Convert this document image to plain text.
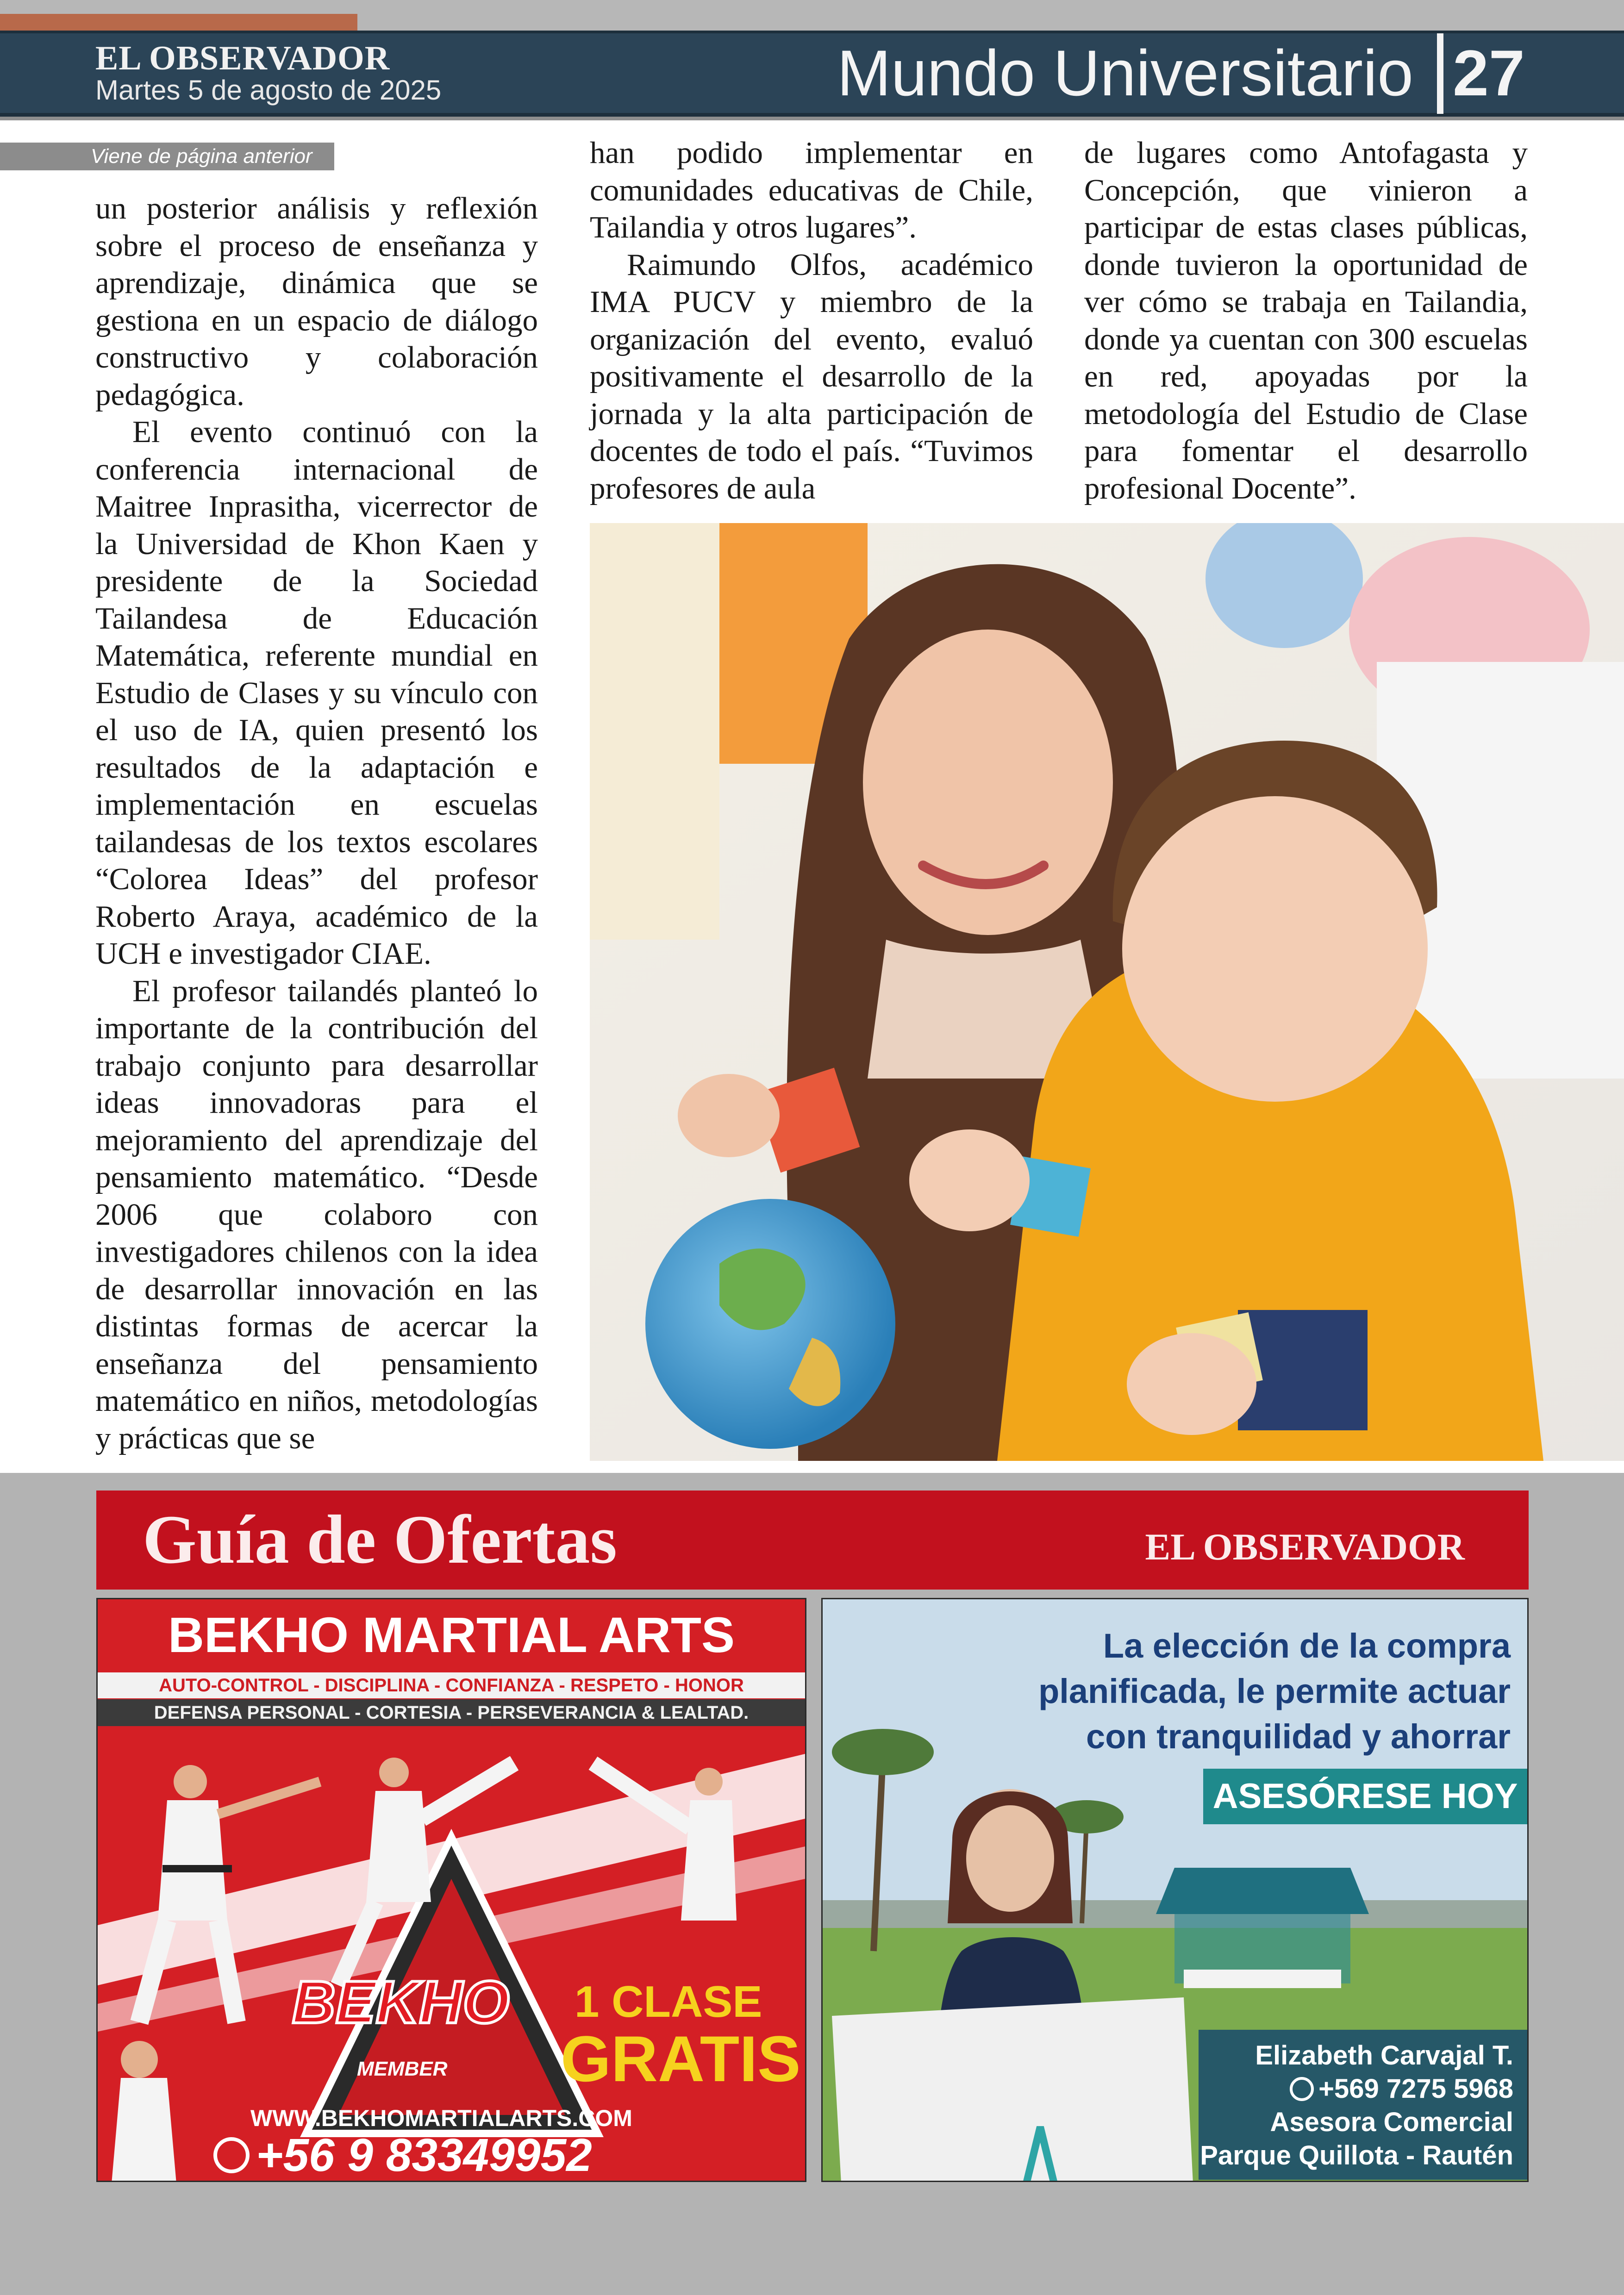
EL OBSERVADOR
Martes 5 de agosto de 2025	Mundo Universitario 27
Viene de página anterior

un posterior análisis y reflexión sobre el proceso de enseñanza y aprendizaje, dinámica que se gestiona en un espacio de diálogo constructivo y colaboración pedagógica.

El evento continuó con la conferencia internacional de Maitree Inprasitha, vicerrector de la Universidad de Khon Kaen y presidente de la Sociedad Tailandesa de Educación Matemática, referente mundial en Estudio de Clases y su vínculo con el uso de IA, quien presentó los resultados de la adaptación e implementación en escuelas tailandesas de los textos escolares “Colorea Ideas” del profesor Roberto Araya, académico de la UCH e investigador CIAE.

El profesor tailandés planteó lo importante de la contribución del trabajo conjunto para desarrollar ideas innovadoras para el mejoramiento del aprendizaje del pensamiento matemático. “Desde 2006 que colaboro con investigadores chilenos con la idea de desarrollar innovación en las distintas formas de acercar la enseñanza del pensamiento matemático en niños, metodologías y prácticas que se

han podido implementar en comunidades educativas de Chile, Tailandia y otros lugares”.

Raimundo Olfos, académico IMA PUCV y miembro de la organización del evento, evaluó positivamente el desarrollo de la jornada y la alta participación de docentes de todo el país. “Tuvimos profesores de aula

de lugares como Antofagasta y Concepción, que vinieron a participar de estas clases públicas, donde tuvieron la oportunidad de ver cómo se trabaja en Tailandia, donde ya cuentan con 300 escuelas en red, apoyadas por la metodología del Estudio de Clase para fomentar el desarrollo profesional Docente”.

Guía de Ofertas	EL OBSERVADOR
BEKHO MARTIAL ARTS
AUTO-CONTROL - DISCIPLINA - CONFIANZA - RESPETO - HONOR
DEFENSA PERSONAL - CORTESIA - PERSEVERANCIA & LEALTAD.
BEKHO
MEMBER
1 CLASE
GRATIS
WWW.BEKHOMARTIALARTS.COM
+56 9 83349952
La elección de la compra
planificada, le permite actuar
con tranquilidad y ahorrar
ASESÓRESE HOY
Elizabeth Carvajal T.
+569 7275 5968
Asesora Comercial
Parque Quillota - Rautén
